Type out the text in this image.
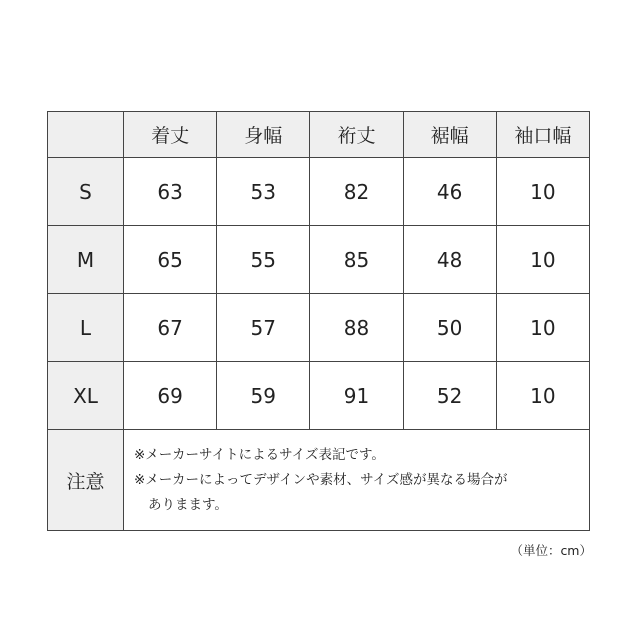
	着丈	身幅	裄丈	裾幅	袖口幅
S	63	53	82	46	10
M	65	55	85	48	10
L	67	57	88	50	10
XL	69	59	91	52	10
注意	※メーカーサイトによるサイズ表記です。
※メーカーによってデザインや素材、サイズ感が異なる場合が
ありまます。				
（単位：cm）
